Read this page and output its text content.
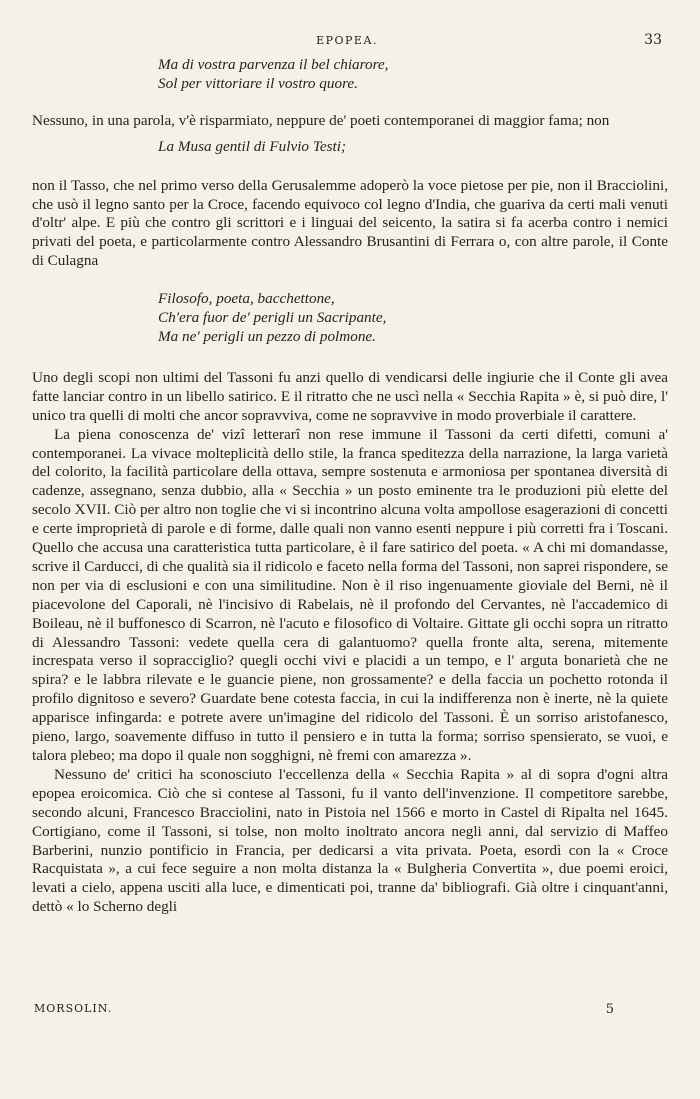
EPOPEA.	33
Ma di vostra parvenza il bel chiarore,
Sol per vittoriare il vostro quore.

Nessuno, in una parola, v'è risparmiato, neppure de' poeti contemporanei di maggior fama; non

La Musa gentil di Fulvio Testi;

non il Tasso, che nel primo verso della Gerusalemme adoperò la voce pietose per pie, non il Bracciolini, che usò il legno santo per la Croce, facendo equivoco col legno d'India, che guariva da certi mali venuti d'oltr' alpe. E più che contro gli scrittori e i linguai del seicento, la satira si fa acerba contro i nemici privati del poeta, e particolarmente contro Alessandro Brusantini di Ferrara o, con altre parole, il Conte di Culagna

Filosofo, poeta, bacchettone,
Ch'era fuor de' perigli un Sacripante,
Ma ne' perigli un pezzo di polmone.

Uno degli scopi non ultimi del Tassoni fu anzi quello di vendicarsi delle ingiurie che il Conte gli avea fatte lanciar contro in un libello satirico. E il ritratto che ne uscì nella « Secchia Rapita » è, si può dire, l' unico tra quelli di molti che ancor sopravviva, come ne sopravvive in modo proverbiale il carattere.

La piena conoscenza de' vizî letterarî non rese immune il Tassoni da certi difetti, comuni a' contemporanei. La vivace molteplicità dello stile, la franca speditezza della narrazione, la larga varietà del colorito, la facilità particolare della ottava, sempre sostenuta e armoniosa per spontanea diversità di cadenze, assegnano, senza dubbio, alla « Secchia » un posto eminente tra le produzioni più elette del secolo XVII. Ciò per altro non toglie che vi si incontrino alcuna volta ampollose esagerazioni di concetti e certe improprietà di parole e di forme, dalle quali non vanno esenti neppure i più corretti fra i Toscani. Quello che accusa una caratteristica tutta particolare, è il fare satirico del poeta. « A chi mi domandasse, scrive il Carducci, di che qualità sia il ridicolo e faceto nella forma del Tassoni, non saprei rispondere, se non per via di esclusioni e con una similitudine. Non è il riso ingenuamente gioviale del Berni, nè il piacevolone del Caporali, nè l'incisivo di Rabelais, nè il profondo del Cervantes, nè l'accademico di Boileau, nè il buffonesco di Scarron, nè l'acuto e filosofico di Voltaire. Gittate gli occhi sopra un ritratto di Alessandro Tassoni: vedete quella cera di galantuomo? quella fronte alta, serena, mitemente increspata verso il sopracciglio? quegli occhi vivi e placidi a un tempo, e l' arguta bonarietà che ne spira? e le labbra rilevate e le guancie piene, non grossamente? e della faccia un pochetto rotonda il profilo dignitoso e severo? Guardate bene cotesta faccia, in cui la indifferenza non è inerte, nè la quiete apparisce infingarda: e potrete avere un'imagine del ridicolo del Tassoni. È un sorriso aristofanesco, pieno, largo, soavemente diffuso in tutto il pensiero e in tutta la forma; sorriso spensierato, se vuoi, e talora plebeo; ma dopo il quale non sogghigni, nè fremi con amarezza ».

Nessuno de' critici ha sconosciuto l'eccellenza della « Secchia Rapita » al di sopra d'ogni altra epopea eroicomica. Ciò che si contese al Tassoni, fu il vanto dell'invenzione. Il competitore sarebbe, secondo alcuni, Francesco Bracciolini, nato in Pistoia nel 1566 e morto in Castel di Ripalta nel 1645. Cortigiano, come il Tassoni, si tolse, non molto inoltrato ancora negli anni, dal servizio di Maffeo Barberini, nunzio pontificio in Francia, per dedicarsi a vita privata. Poeta, esordì con la « Croce Racquistata », a cui fece seguire a non molta distanza la « Bulgheria Convertita », due poemi eroici, levati a cielo, appena usciti alla luce, e dimenticati poi, tranne da' bibliografi. Già oltre i cinquant'anni, dettò « lo Scherno degli

MORSOLIN.	5
